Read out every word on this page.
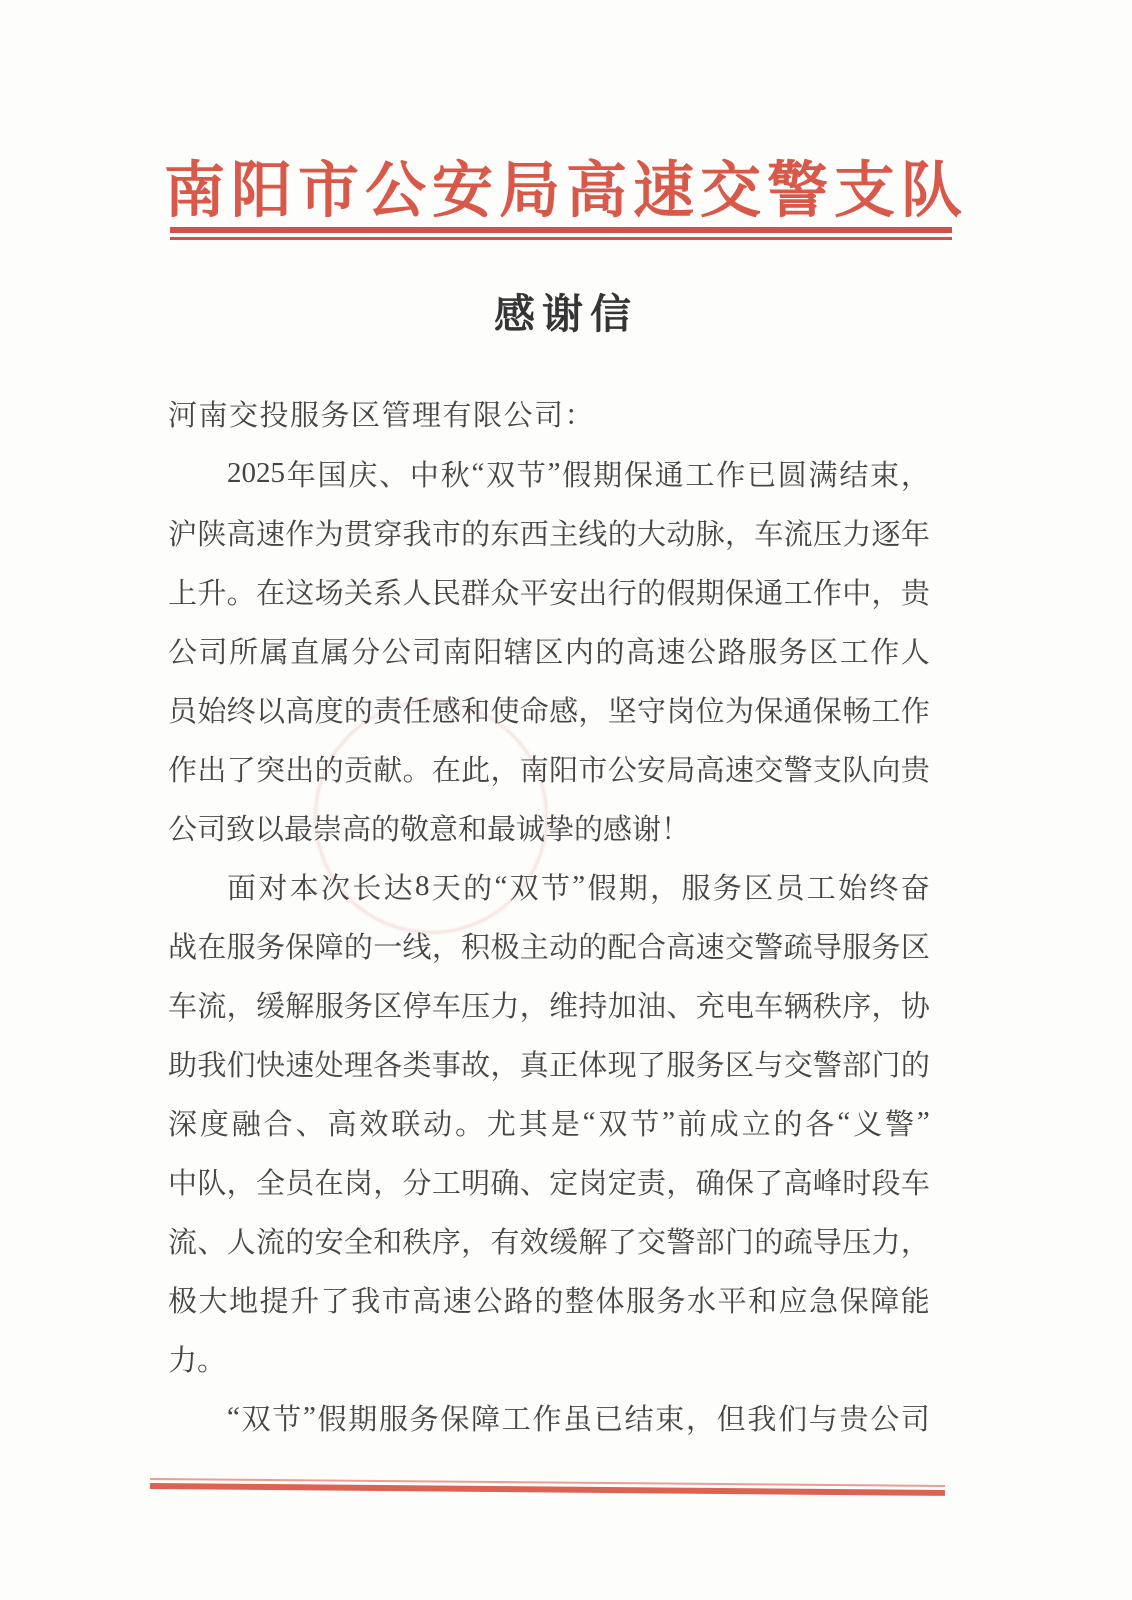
南阳市公安局高速交警支队
感谢信
河南交投服务区管理有限公司：
2025 年 国 庆 、 中 秋 “ 双 节 ” 假 期 保 通 工 作 已 圆 满 结 束 ，
沪 陕 高 速 作 为 贯 穿 我 市 的 东 西 主 线 的 大 动 脉 ， 车 流 压 力 逐 年
上 升 。 在 这 场 关 系 人 民 群 众 平 安 出 行 的 假 期 保 通 工 作 中 ， 贵
公 司 所 属 直 属 分 公 司 南 阳 辖 区 内 的 高 速 公 路 服 务 区 工 作 人
员 始 终 以 高 度 的 责 任 感 和 使 命 感 ， 坚 守 岗 位 为 保 通 保 畅 工 作
作 出 了 突 出 的 贡 献 。 在 此 ， 南 阳 市 公 安 局 高 速 交 警 支 队 向 贵
公司致以最崇高的敬意和最诚挚的感谢！
面 对 本 次 长 达 8 天 的 “ 双 节 ” 假 期 ， 服 务 区 员 工 始 终 奋
战 在 服 务 保 障 的 一 线 ， 积 极 主 动 的 配 合 高 速 交 警 疏 导 服 务 区
车 流 ， 缓 解 服 务 区 停 车 压 力 ， 维 持 加 油 、 充 电 车 辆 秩 序 ， 协
助 我 们 快 速 处 理 各 类 事 故 ， 真 正 体 现 了 服 务 区 与 交 警 部 门 的
深 度 融 合 、 高 效 联 动 。 尤 其 是 “ 双 节 ” 前 成 立 的 各 “ 义 警 ”
中 队 ， 全 员 在 岗 ， 分 工 明 确 、 定 岗 定 责 ， 确 保 了 高 峰 时 段 车
流 、 人 流 的 安 全 和 秩 序 ， 有 效 缓 解 了 交 警 部 门 的 疏 导 压 力 ，
极 大 地 提 升 了 我 市 高 速 公 路 的 整 体 服 务 水 平 和 应 急 保 障 能
力。
“ 双 节 ” 假 期 服 务 保 障 工 作 虽 已 结 束 ， 但 我 们 与 贵 公 司
